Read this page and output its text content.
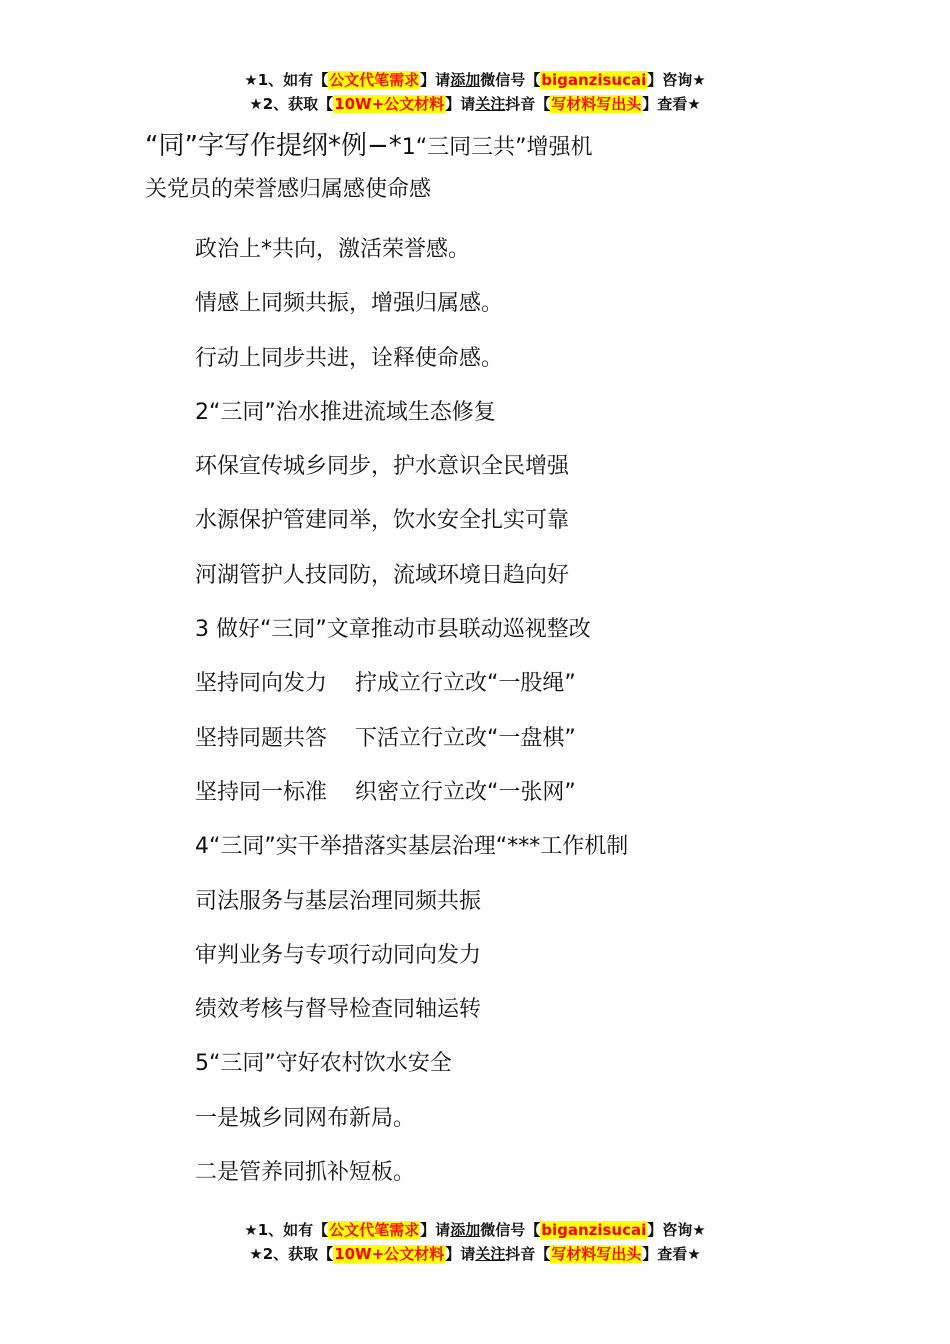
★1、如有【公文代笔需求】请添加微信号【biganzisucai】咨询★
★2、获取【10W+公文材料】请关注抖音【写材料写出头】查看★
“同”字写作提纲*例−*1“三同三共”增强机
关党员的荣誉感归属感使命感
政治上*共向，激活荣誉感。
情感上同频共振，增强归属感。
行动上同步共进，诠释使命感。
2“三同”治水推进流域生态修复
环保宣传城乡同步，护水意识全民增强
水源保护管建同举，饮水安全扎实可靠
河湖管护人技同防，流域环境日趋向好
3 做好“三同”文章推动市县联动巡视整改
坚持同向发力    拧成立行立改“一股绳”
坚持同题共答    下活立行立改“一盘棋”
坚持同一标准    织密立行立改“一张网”
4“三同”实干举措落实基层治理“***工作机制
司法服务与基层治理同频共振
审判业务与专项行动同向发力
绩效考核与督导检查同轴运转
5“三同”守好农村饮水安全
一是城乡同网布新局。
二是管养同抓补短板。
★1、如有【公文代笔需求】请添加微信号【biganzisucai】咨询★
★2、获取【10W+公文材料】请关注抖音【写材料写出头】查看★
